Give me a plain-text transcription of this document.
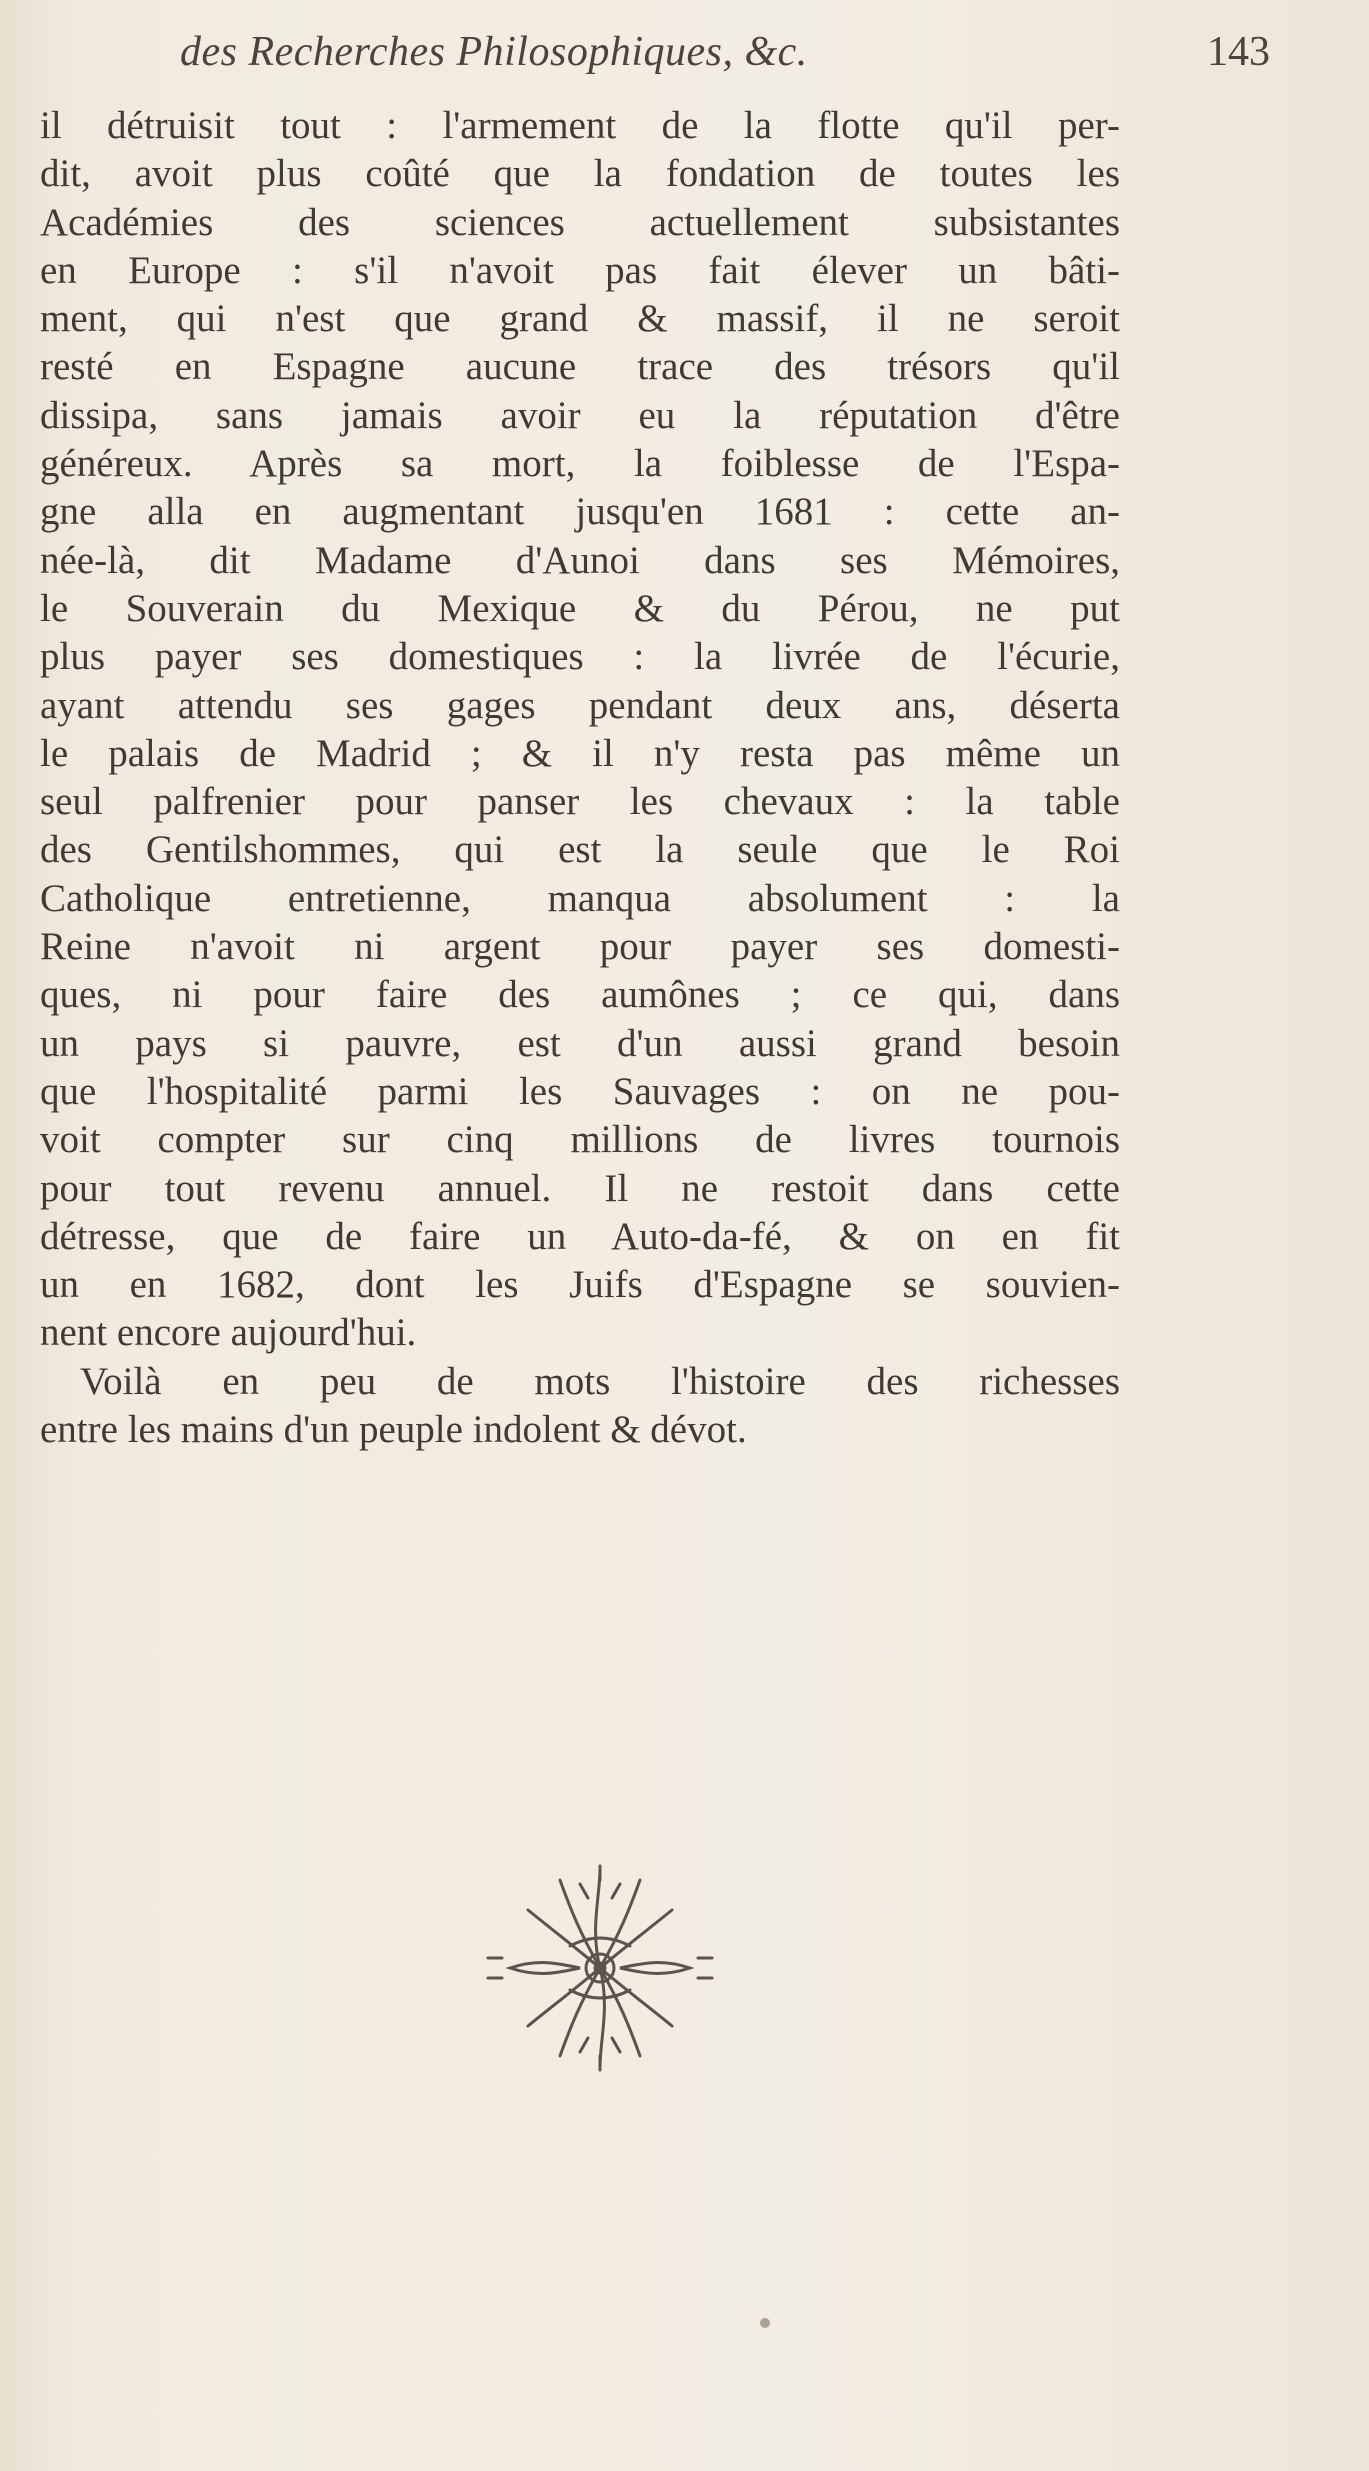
des Recherches Philosophiques, &c.	143
il détruisit tout : l'armement de la flotte qu'il per-
dit, avoit plus coûté que la fondation de toutes les
Académies des sciences actuellement subsistantes
en Europe : s'il n'avoit pas fait élever un bâti-
ment, qui n'est que grand & massif, il ne seroit
resté en Espagne aucune trace des trésors qu'il
dissipa, sans jamais avoir eu la réputation d'être
généreux. Après sa mort, la foiblesse de l'Espa-
gne alla en augmentant jusqu'en 1681 : cette an-
née-là, dit Madame d'Aunoi dans ses Mémoires,
le Souverain du Mexique & du Pérou, ne put
plus payer ses domestiques : la livrée de l'écurie,
ayant attendu ses gages pendant deux ans, déserta
le palais de Madrid ; & il n'y resta pas même un
seul palfrenier pour panser les chevaux : la table
des Gentilshommes, qui est la seule que le Roi
Catholique entretienne, manqua absolument : la
Reine n'avoit ni argent pour payer ses domesti-
ques, ni pour faire des aumônes ; ce qui, dans
un pays si pauvre, est d'un aussi grand besoin
que l'hospitalité parmi les Sauvages : on ne pou-
voit compter sur cinq millions de livres tournois
pour tout revenu annuel. Il ne restoit dans cette
détresse, que de faire un Auto-da-fé, & on en fit
un en 1682, dont les Juifs d'Espagne se souvien-
nent encore aujourd'hui.
Voilà en peu de mots l'histoire des richesses
entre les mains d'un peuple indolent & dévot.
